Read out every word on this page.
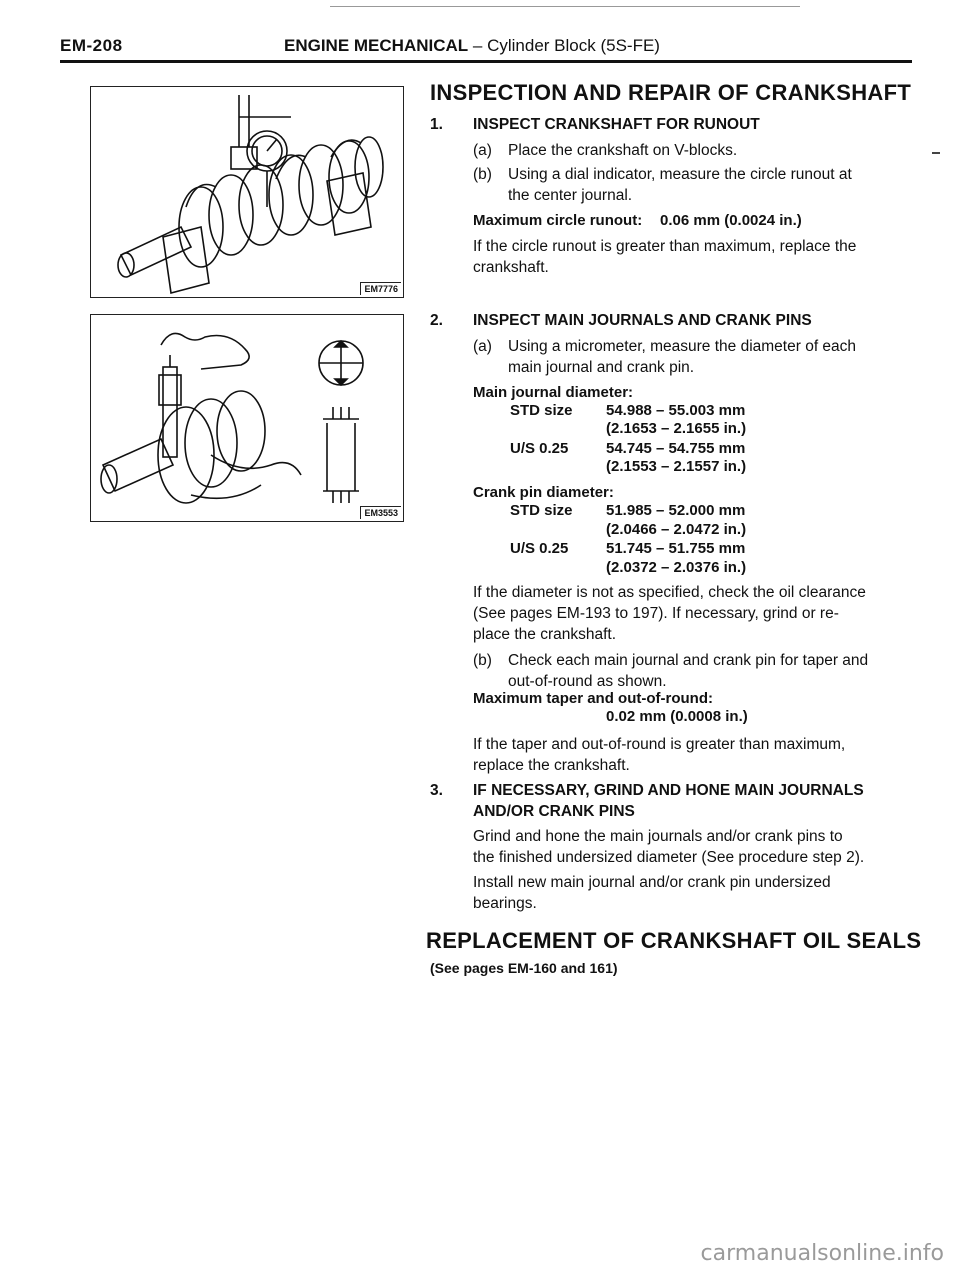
EM-208	ENGINE MECHANICAL – Cylinder Block (5S-FE)
EM7776
EM3553
INSPECTION AND REPAIR OF CRANKSHAFT
1. INSPECT CRANKSHAFT FOR RUNOUT
(a) Place the crankshaft on V-blocks.
(b) Using a dial indicator, measure the circle runout at
the center journal.
Maximum circle runout: 0.06 mm (0.0024 in.)
If the circle runout is greater than maximum, replace the
crankshaft.
2. INSPECT MAIN JOURNALS AND CRANK PINS
(a) Using a micrometer, measure the diameter of each
main journal and crank pin.
Main journal diameter:
STD size 54.988 – 55.003 mm
(2.1653 – 2.1655 in.)
U/S 0.25	54.745 – 54.755 mm
(2.1553 – 2.1557 in.)
Crank pin diameter:
STD size 51.985 – 52.000 mm
(2.0466 – 2.0472 in.)
U/S 0.25	51.745 – 51.755 mm
(2.0372 – 2.0376 in.)
If the diameter is not as specified, check the oil clearance
(See pages EM-193 to 197). If necessary, grind or re-
place the crankshaft.
(b) Check each main journal and crank pin for taper and
out-of-round as shown.
Maximum taper and out-of-round:
0.02 mm (0.0008 in.)
If the taper and out-of-round is greater than maximum,
replace the crankshaft.
3. IF NECESSARY, GRIND AND HONE MAIN JOURNALS
AND/OR CRANK PINS
Grind and hone the main journals and/or crank pins to
the finished undersized diameter (See procedure step 2).
Install new main journal and/or crank pin undersized
bearings.
REPLACEMENT OF CRANKSHAFT OIL SEALS
(See pages EM-160 and 161)
carmanualsonline.info
